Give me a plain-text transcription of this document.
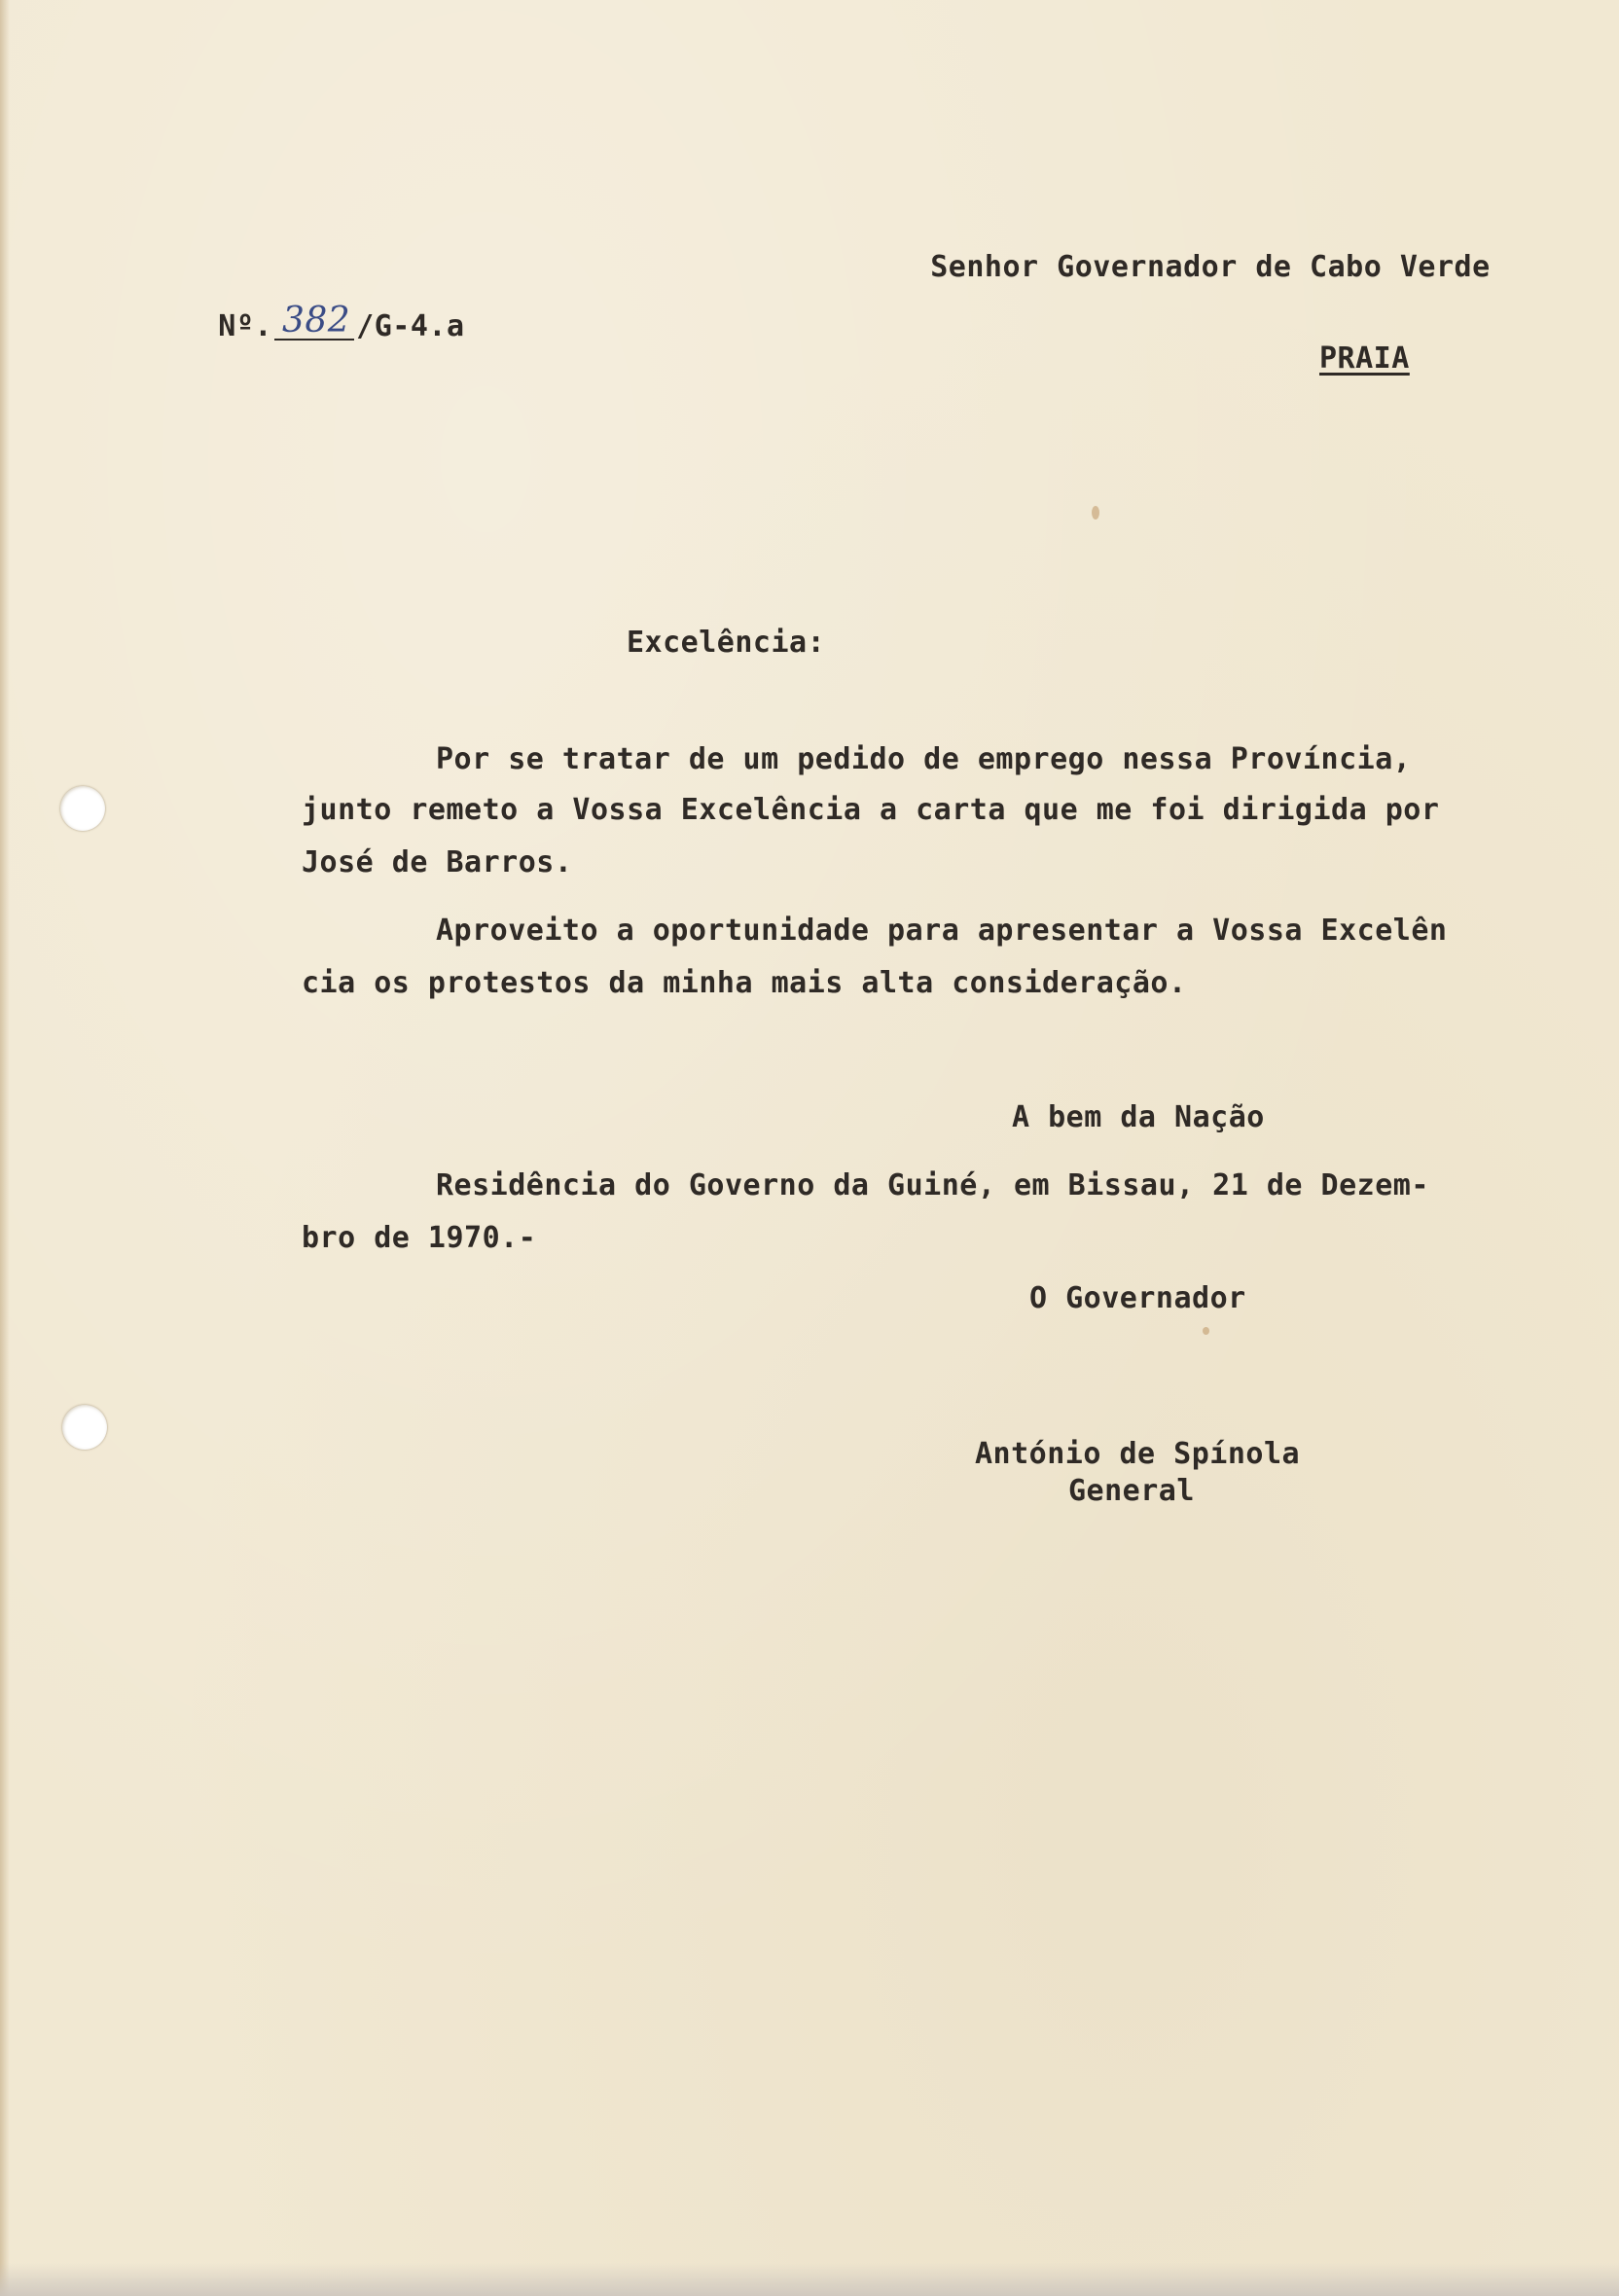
Senhor Governador de Cabo Verde

Nº. 382 /G-4.a

PRAIA
Excelência:
Por se tratar de um pedido de emprego nessa Província,
junto remeto a Vossa Excelência a carta que me foi dirigida por
José de Barros.
Aproveito a oportunidade para apresentar a Vossa Excelên
cia os protestos da minha mais alta consideração.
A bem da Nação
Residência do Governo da Guiné, em Bissau, 21 de Dezem-
bro de 1970.-
O Governador
António de Spínola
General
